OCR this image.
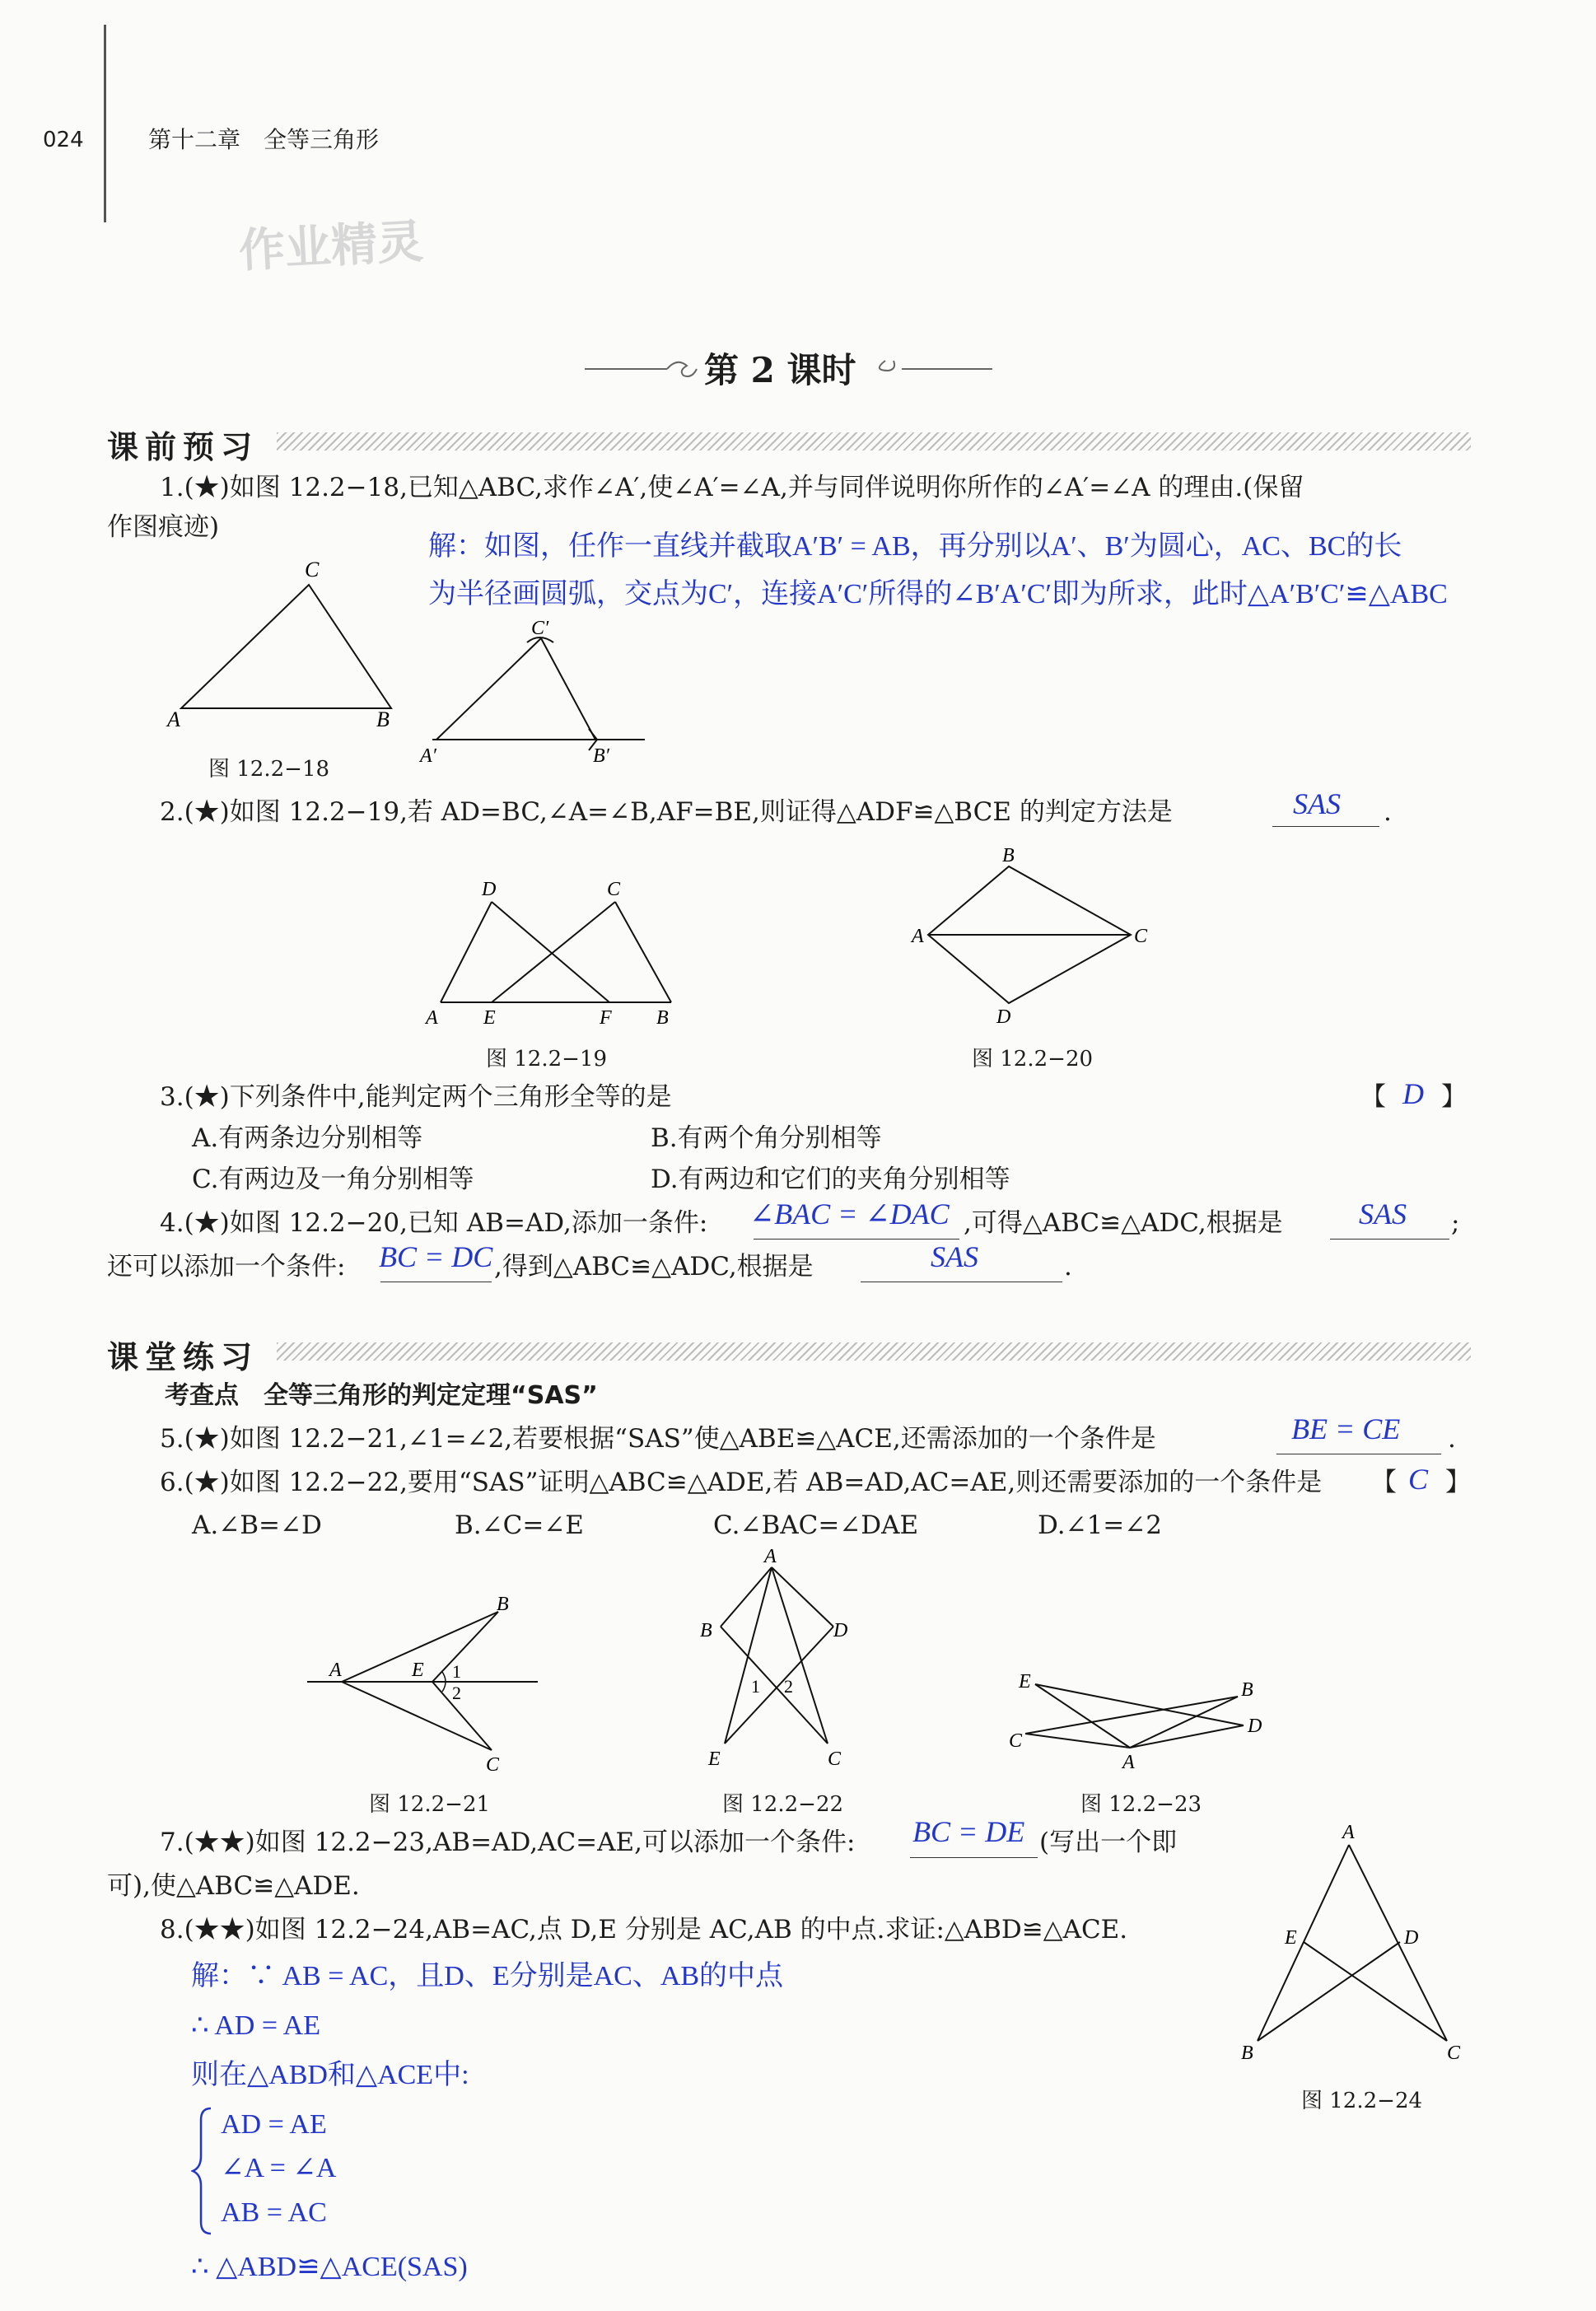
024	第十二章　全等三角形
作业精灵
第 2 课时
课前预习
1.(★)如图 12.2−18,已知△ABC,求作∠A′,使∠A′=∠A,并与同伴说明你所作的∠A′=∠A 的理由.(保留
作图痕迹)
解：如图，任作一直线并截取A′B′ = AB，再分别以A′、B′为圆心，AC、BC的长
为半径画圆弧，交点为C′，连接A′C′所得的∠B′A′C′即为所求，此时△A′B′C′≌△ABC
A	B
C
图 12.2−18
A′	B′
C′
2.(★)如图 12.2−19,若 AD=BC,∠A=∠B,AF=BE,则证得△ADF≌△BCE 的判定方法是	SAS .
A E	F B
D	C
图 12.2−19
A
B
C
D
图 12.2−20
3.(★)下列条件中,能判定两个三角形全等的是	【 D 】
A.有两条边分别相等	B.有两个角分别相等
C.有两边及一角分别相等	D.有两边和它们的夹角分别相等
4.(★)如图 12.2−20,已知 AB=AD,添加一条件: ∠BAC = ∠DAC ,可得△ABC≌△ADC,根据是	SAS ;
还可以添加一个条件: BC = DC ,得到△ABC≌△ADC,根据是	SAS	.
课堂练习
考查点　全等三角形的判定定理“SAS”
5.(★)如图 12.2−21,∠1=∠2,若要根据“SAS”使△ABE≌△ACE,还需添加的一个条件是	BE = CE .
6.(★)如图 12.2−22,要用“SAS”证明△ABC≌△ADE,若 AB=AD,AC=AE,则还需要添加的一个条件是 【 C 】
A.∠B=∠D	B.∠C=∠E	C.∠BAC=∠DAE	D.∠1=∠2
A	E
B
C
1
2
图 12.2−21
A
B	D
E	C
1 2
图 12.2−22
E
C
A
B
D
图 12.2−23
7.(★★)如图 12.2−23,AB=AD,AC=AE,可以添加一个条件: BC = DE (写出一个即
可),使△ABC≌△ADE.
8.(★★)如图 12.2−24,AB=AC,点 D,E 分别是 AC,AB 的中点.求证:△ABD≌△ACE.
解：∵ AB = AC，且D、E分别是AC、AB的中点
∴ AD = AE
则在△ABD和△ACE中:
AD = AE
∠A = ∠A
AB = AC
∴ △ABD≌△ACE(SAS)
A
E	D
B	C
图 12.2−24
